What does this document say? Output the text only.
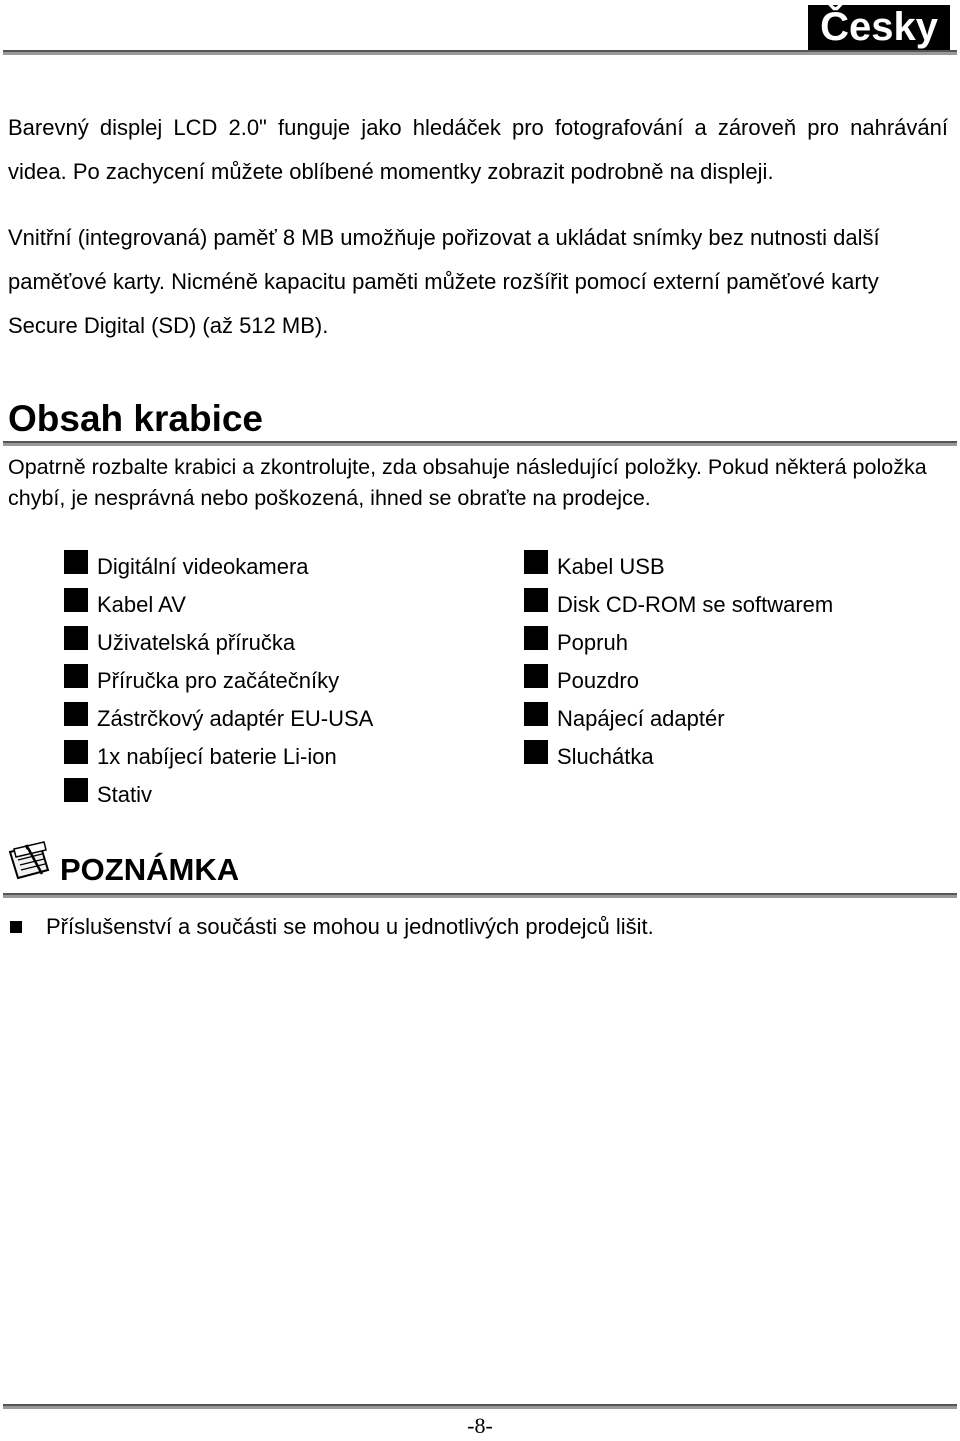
Česky

Barevný displej LCD 2.0" funguje jako hledáček pro fotografování a zároveň pro nahrávání videa. Po zachycení můžete oblíbené momentky zobrazit podrobně na displeji.

Vnitřní (integrovaná) paměť 8 MB umožňuje pořizovat a ukládat snímky bez nutnosti další paměťové karty. Nicméně kapacitu paměti můžete rozšířit pomocí externí paměťové karty Secure Digital (SD) (až 512 MB).

Obsah krabice

Opatrně rozbalte krabici a zkontrolujte, zda obsahuje následující položky. Pokud některá položka chybí, je nesprávná nebo poškozená, ihned se obraťte na prodejce.

Digitální videokamera
Kabel AV
Uživatelská příručka
Příručka pro začátečníky
Zástrčkový adaptér EU-USA
1x nabíjecí baterie Li-ion
Stativ
Kabel USB
Disk CD-ROM se softwarem
Popruh
Pouzdro
Napájecí adaptér
Sluchátka
POZNÁMKA
Příslušenství a součásti se mohou u jednotlivých prodejců lišit.
-8-
